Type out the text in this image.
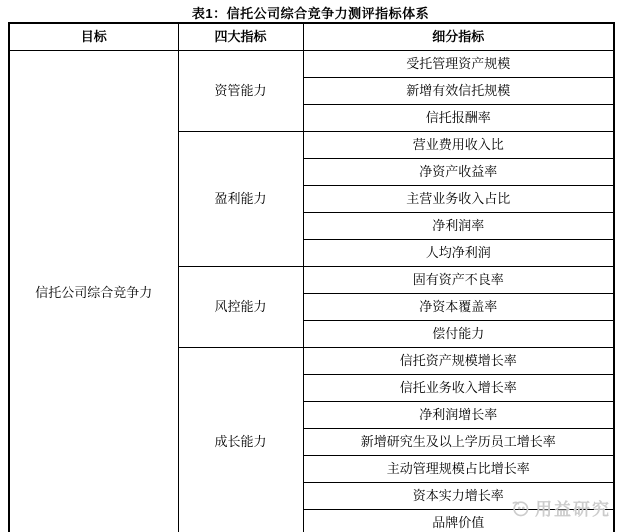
表1：信托公司综合竞争力测评指标体系
目标	四大指标	细分指标
信托公司综合竞争力	资管能力	受托管理资产规模
		新增有效信托规模
		信托报酬率
	盈利能力	营业费用收入比
		净资产收益率
		主营业务收入占比
		净利润率
		人均净利润
	风控能力	固有资产不良率
		净资本覆盖率
		偿付能力
	成长能力	信托资产规模增长率
		信托业务收入增长率
		净利润增长率
		新增研究生及以上学历员工增长率
		主动管理规模占比增长率
		资本实力增长率
		品牌价值
用益研究
